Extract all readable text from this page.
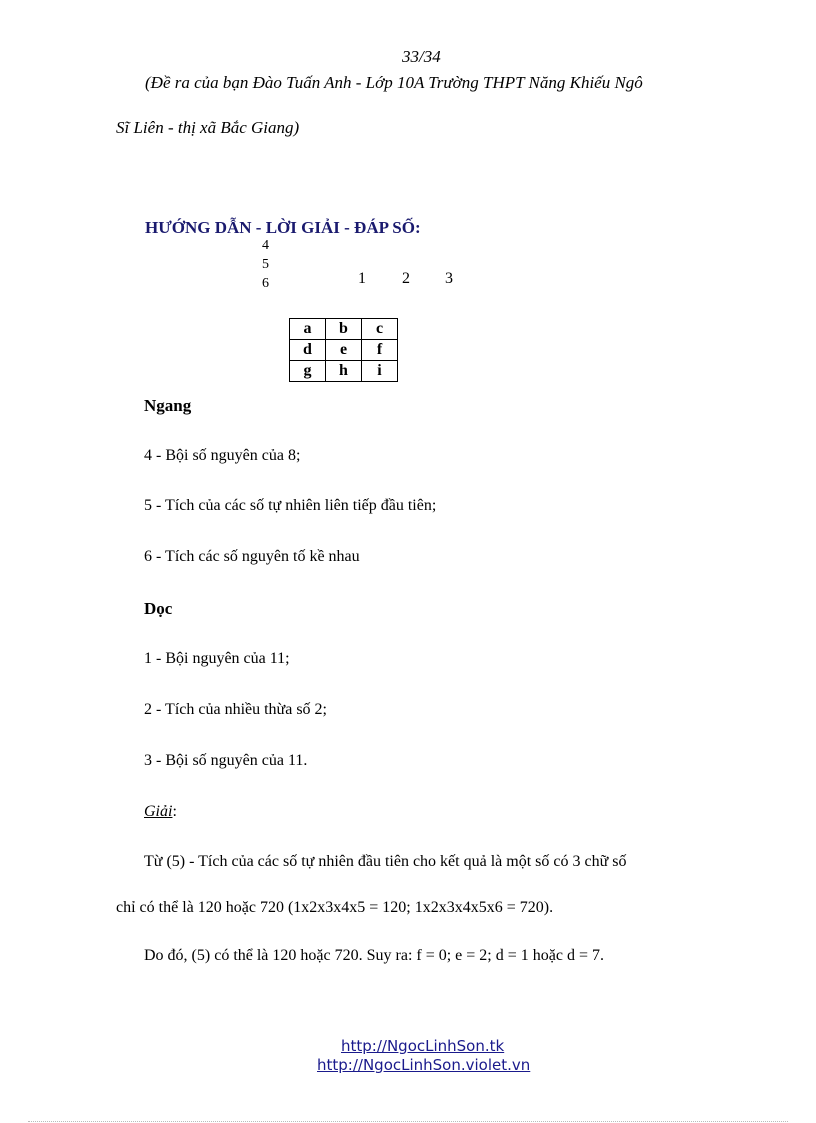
33/34
(Đề ra của bạn Đào Tuấn Anh - Lớp 10A Trường THPT Năng Khiếu Ngô
Sĩ Liên - thị xã Bắc Giang)
HƯỚNG DẪN - LỜI GIẢI - ĐÁP SỐ:
4
5
6	1 2 3
a	b	c
d	e	f
g	h	i
Ngang
4 - Bội số nguyên của 8;
5 - Tích của các số tự nhiên liên tiếp đầu tiên;
6 - Tích các số nguyên tố kề nhau
Dọc
1 - Bội nguyên của 11;
2 - Tích của nhiều thừa số 2;
3 - Bội số nguyên của 11.
Giải:
Từ (5) - Tích của các số tự nhiên đầu tiên cho kết quả là một số có 3 chữ số
chỉ có thể là 120 hoặc 720 (1x2x3x4x5 = 120; 1x2x3x4x5x6 = 720).
Do đó, (5) có thể là 120 hoặc 720. Suy ra: f = 0; e = 2; d = 1 hoặc d = 7.
http://NgocLinhSon.tk
http://NgocLinhSon.violet.vn
